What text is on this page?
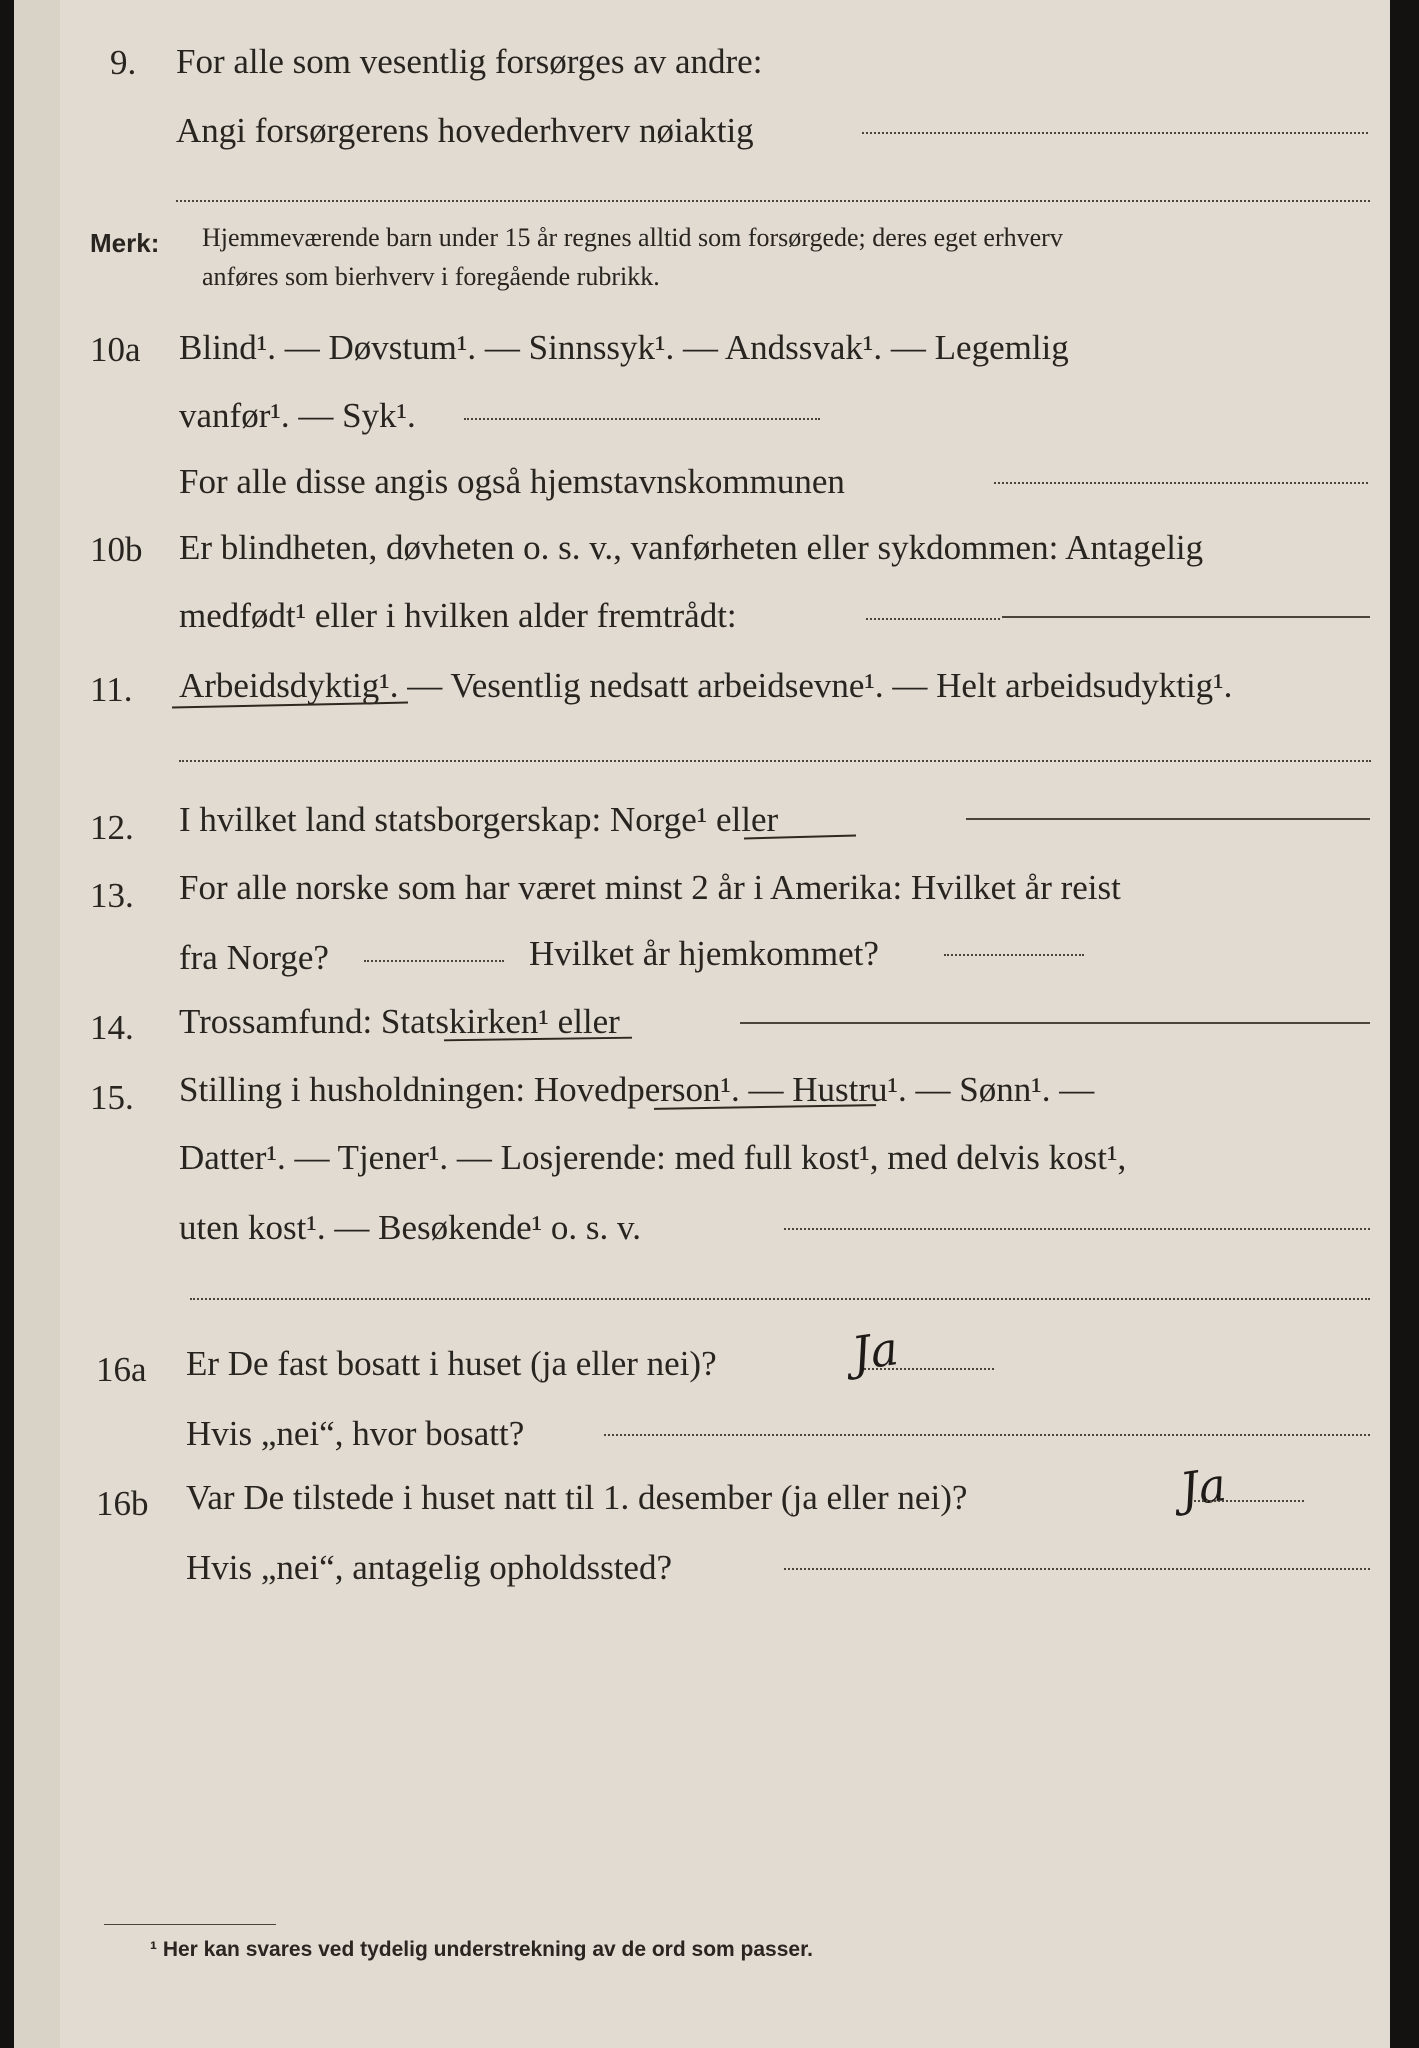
9. For alle som vesentlig forsørges av andre:
Angi forsørgerens hovederhverv nøiaktig
Merk: Hjemmeværende barn under 15 år regnes alltid som forsørgede; deres eget erhverv
anføres som bierhverv i foregående rubrikk.
10a Blind¹. — Døvstum¹. — Sinnssyk¹. — Andssvak¹. — Legemlig
vanfør¹. — Syk¹.
For alle disse angis også hjemstavnskommunen
10b Er blindheten, døvheten o. s. v., vanførheten eller sykdommen: Antagelig
medfødt¹ eller i hvilken alder fremtrådt:
11. Arbeidsdyktig¹. — Vesentlig nedsatt arbeidsevne¹. — Helt arbeidsudyktig¹.
12. I hvilket land statsborgerskap: Norge¹ eller
13. For alle norske som har været minst 2 år i Amerika: Hvilket år reist
fra Norge?	Hvilket år hjemkommet?
14. Trossamfund: Statskirken¹ eller
15. Stilling i husholdningen: Hovedperson¹. — Hustru¹. — Sønn¹. —
Datter¹. — Tjener¹. — Losjerende: med full kost¹, med delvis kost¹,
uten kost¹. — Besøkende¹ o. s. v.
16a Er De fast bosatt i huset (ja eller nei)?	Ja
Hvis „nei“, hvor bosatt?
16b Var De tilstede i huset natt til 1. desember (ja eller nei)?	Ja
Hvis „nei“, antagelig opholdssted?
¹ Her kan svares ved tydelig understrekning av de ord som passer.
